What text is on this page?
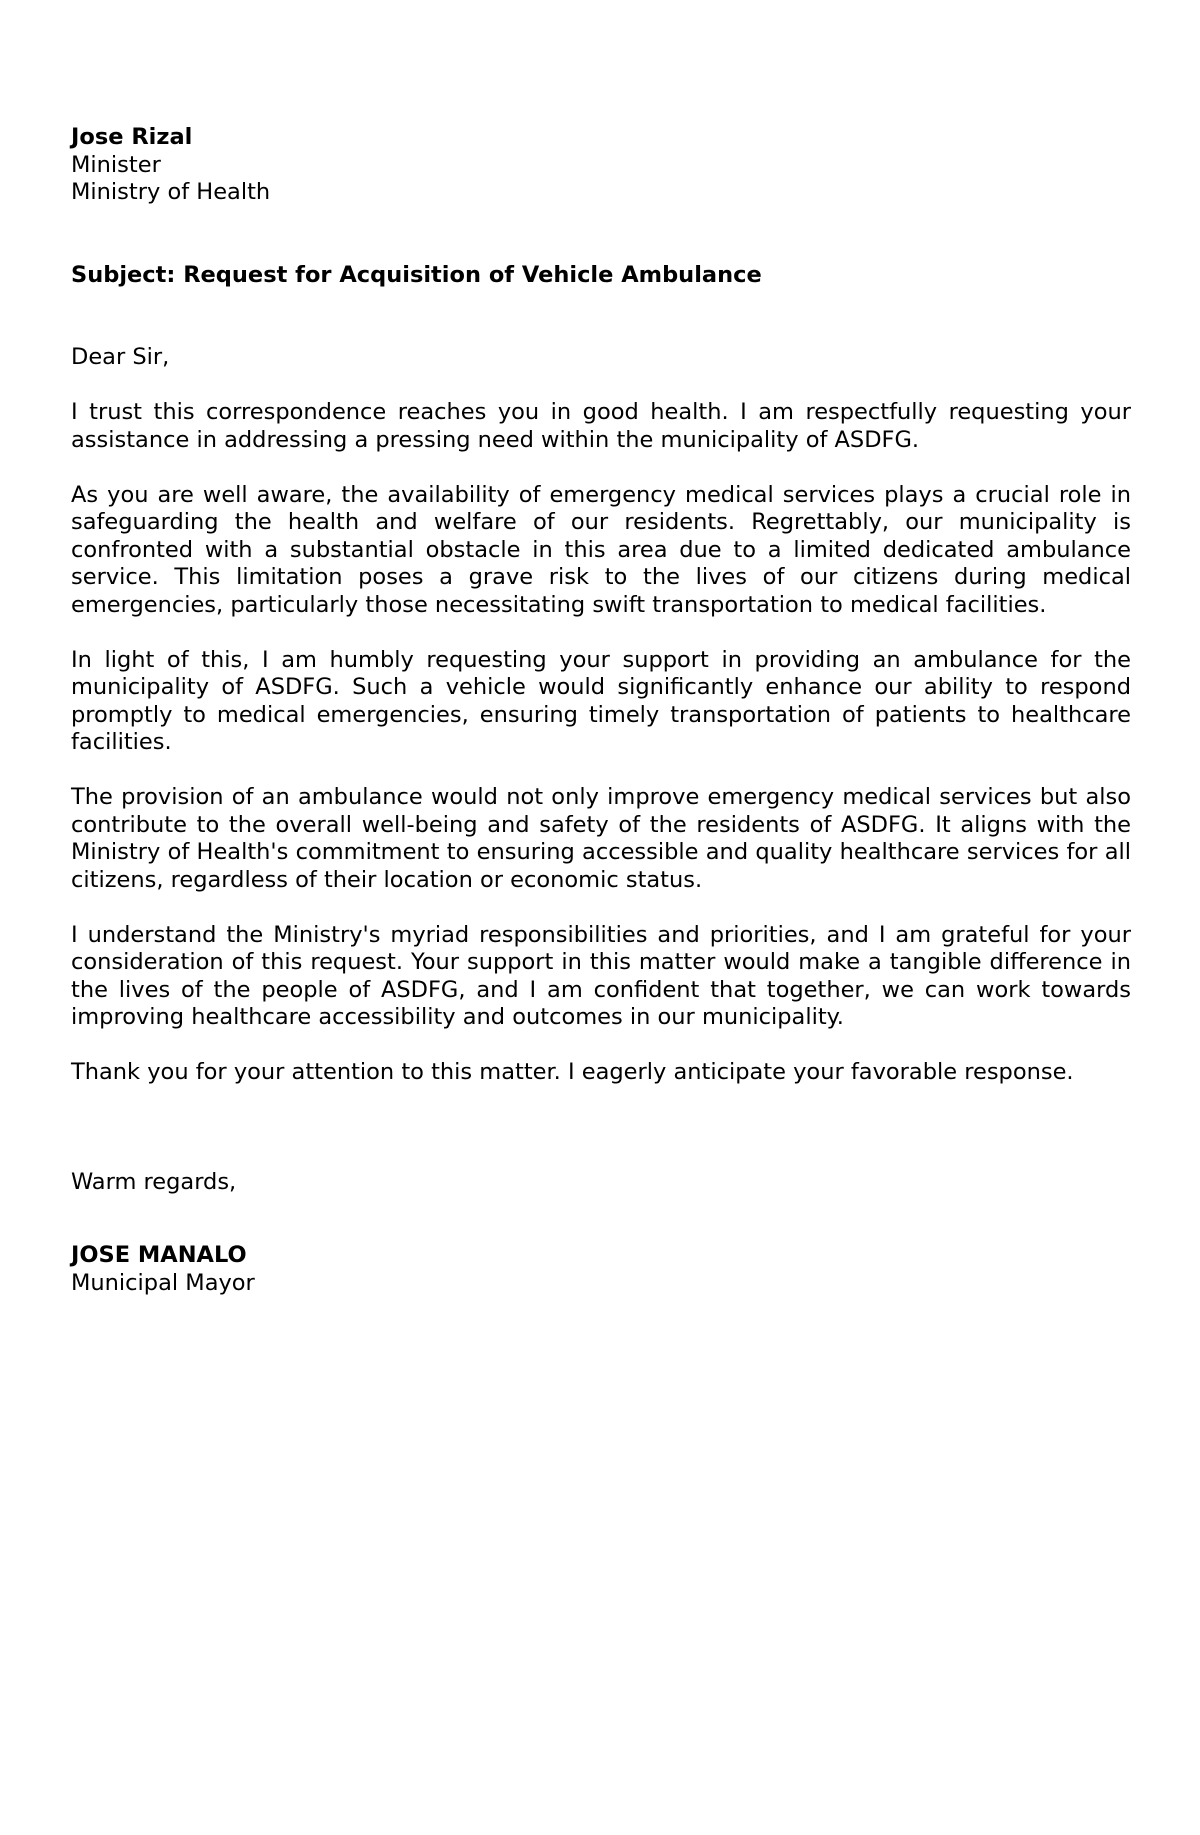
Jose Rizal
Minister
Ministry of Health
Subject: Request for Acquisition of Vehicle Ambulance
Dear Sir,

I trust this correspondence reaches you in good health. I am respectfully requesting your assistance in addressing a pressing need within the municipality of ASDFG.

As you are well aware, the availability of emergency medical services plays a crucial role in safeguarding the health and welfare of our residents. Regrettably, our municipality is confronted with a substantial obstacle in this area due to a limited dedicated ambulance service. This limitation poses a grave risk to the lives of our citizens during medical emergencies, particularly those necessitating swift transportation to medical facilities.

In light of this, I am humbly requesting your support in providing an ambulance for the municipality of ASDFG. Such a vehicle would significantly enhance our ability to respond promptly to medical emergencies, ensuring timely transportation of patients to healthcare facilities.

The provision of an ambulance would not only improve emergency medical services but also contribute to the overall well-being and safety of the residents of ASDFG. It aligns with the Ministry of Health's commitment to ensuring accessible and quality healthcare services for all citizens, regardless of their location or economic status.

I understand the Ministry's myriad responsibilities and priorities, and I am grateful for your consideration of this request. Your support in this matter would make a tangible difference in the lives of the people of ASDFG, and I am confident that together, we can work towards improving healthcare accessibility and outcomes in our municipality.

Thank you for your attention to this matter. I eagerly anticipate your favorable response.

Warm regards,
JOSE MANALO
Municipal Mayor
